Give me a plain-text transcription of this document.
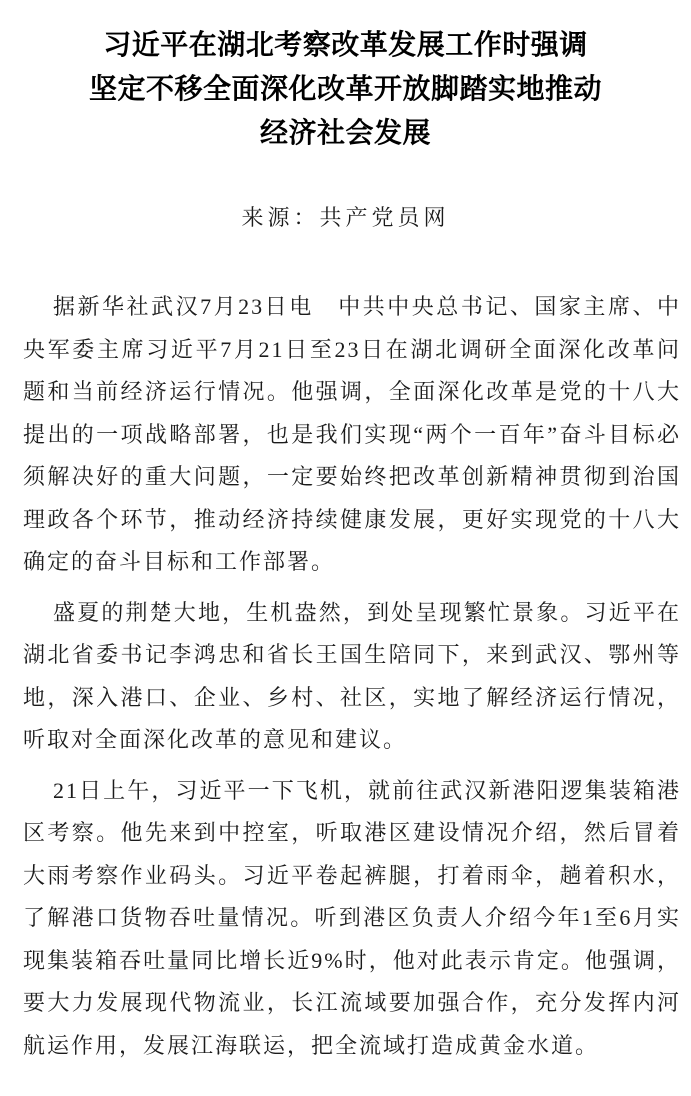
习近平在湖北考察改革发展工作时强调
坚定不移全面深化改革开放脚踏实地推动
经济社会发展
来源：共产党员网

据新华社武汉7月23日电　中共中央总书记、国家主席、中央军委主席习近平7月21日至23日在湖北调研全面深化改革问题和当前经济运行情况。他强调，全面深化改革是党的十八大提出的一项战略部署，也是我们实现“两个一百年”奋斗目标必须解决好的重大问题，一定要始终把改革创新精神贯彻到治国理政各个环节，推动经济持续健康发展，更好实现党的十八大确定的奋斗目标和工作部署。

盛夏的荆楚大地，生机盎然，到处呈现繁忙景象。习近平在湖北省委书记李鸿忠和省长王国生陪同下，来到武汉、鄂州等地，深入港口、企业、乡村、社区，实地了解经济运行情况，听取对全面深化改革的意见和建议。

21日上午，习近平一下飞机，就前往武汉新港阳逻集装箱港区考察。他先来到中控室，听取港区建设情况介绍，然后冒着大雨考察作业码头。习近平卷起裤腿，打着雨伞，趟着积水，了解港口货物吞吐量情况。听到港区负责人介绍今年1至6月实现集装箱吞吐量同比增长近9%时，他对此表示肯定。他强调，要大力发展现代物流业，长江流域要加强合作，充分发挥内河航运作用，发展江海联运，把全流域打造成黄金水道。
